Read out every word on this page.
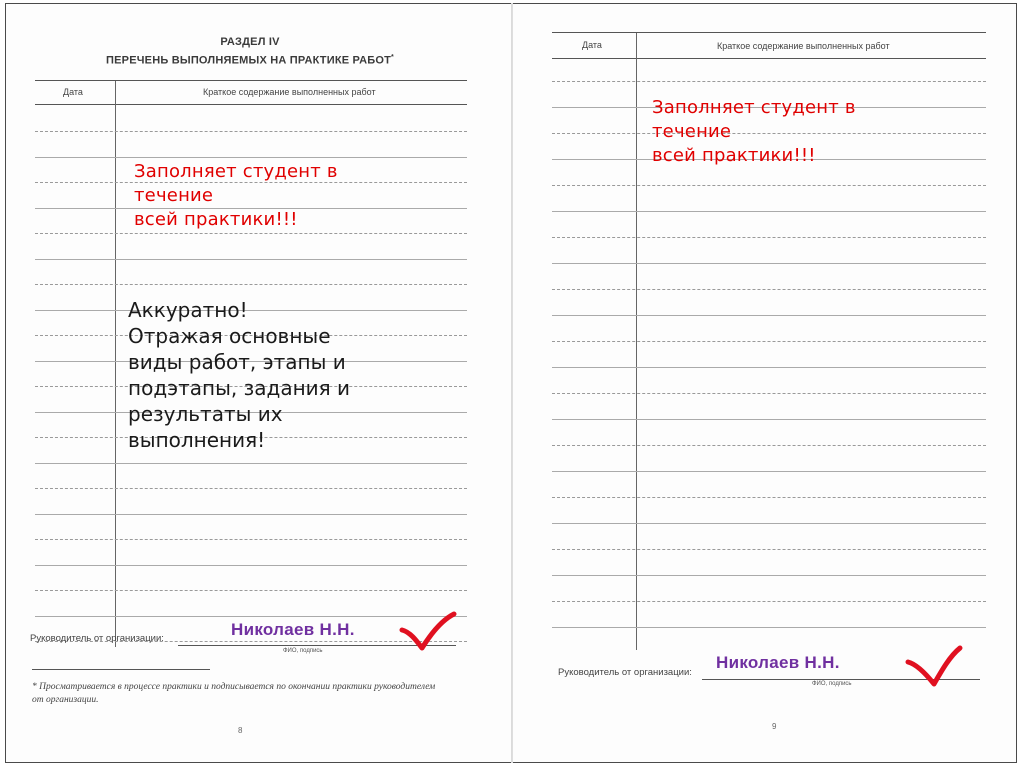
РАЗДЕЛ IV
ПЕРЕЧЕНЬ ВЫПОЛНЯЕМЫХ НА ПРАКТИКЕ РАБОТ*
Дата	Краткое содержание выполненных работ
Заполняет студент в
течение
всей практики!!!
Аккуратно!
Отражая основные
виды работ, этапы и
подэтапы, задания и
результаты их
выполнения!
Руководитель от организации:
ФИО, подпись
Николаев Н.Н.
* Просматривается в процессе практики и подписывается по окончании практики руководителем от организации.
8
Дата	Краткое содержание выполненных работ
Заполняет студент в
течение
всей практики!!!
Руководитель от организации:
ФИО, подпись
Николаев Н.Н.
9
